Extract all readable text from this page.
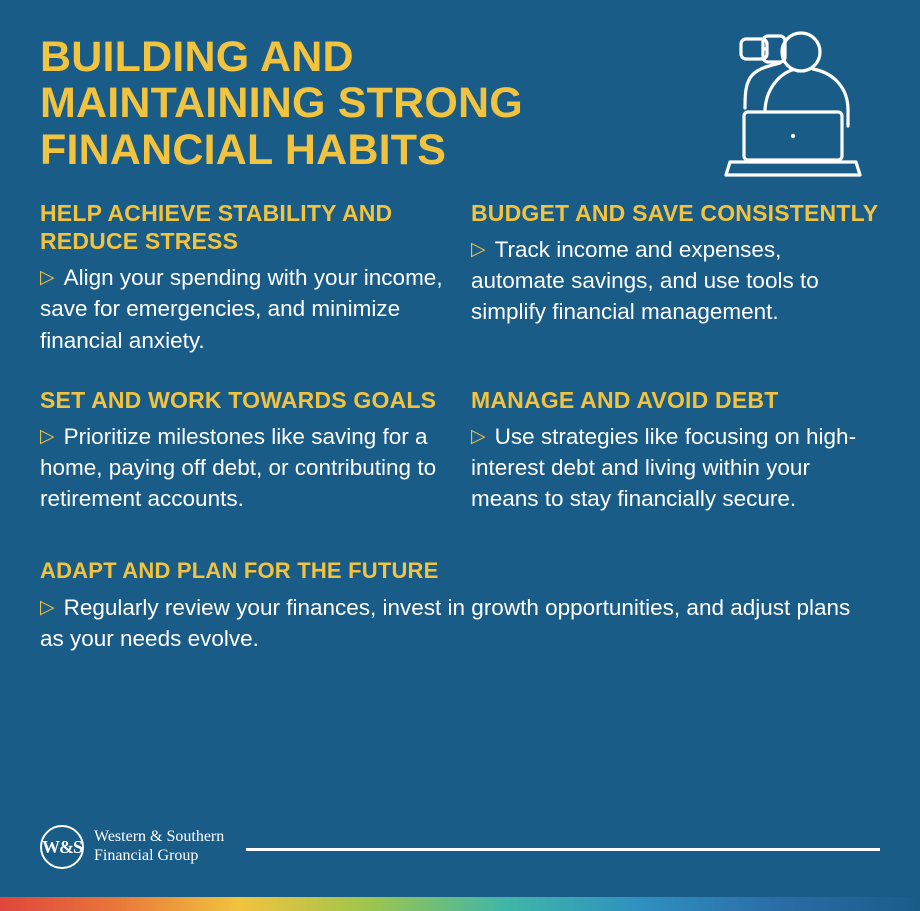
BUILDING AND
MAINTAINING STRONG
FINANCIAL HABITS
HELP ACHIEVE STABILITY AND REDUCE STRESS

▷ Align your spending with your income, save for emergencies, and minimize financial anxiety.

BUDGET AND SAVE CONSISTENTLY

▷ Track income and expenses, automate savings, and use tools to simplify financial management.

SET AND WORK TOWARDS GOALS

▷ Prioritize milestones like saving for a home, paying off debt, or contributing to retirement accounts.

MANAGE AND AVOID DEBT

▷ Use strategies like focusing on high-interest debt and living within your means to stay financially secure.

ADAPT AND PLAN FOR THE FUTURE

▷ Regularly review your finances, invest in growth opportunities, and adjust plans as your needs evolve.

W&S Western & Southern
Financial Group
